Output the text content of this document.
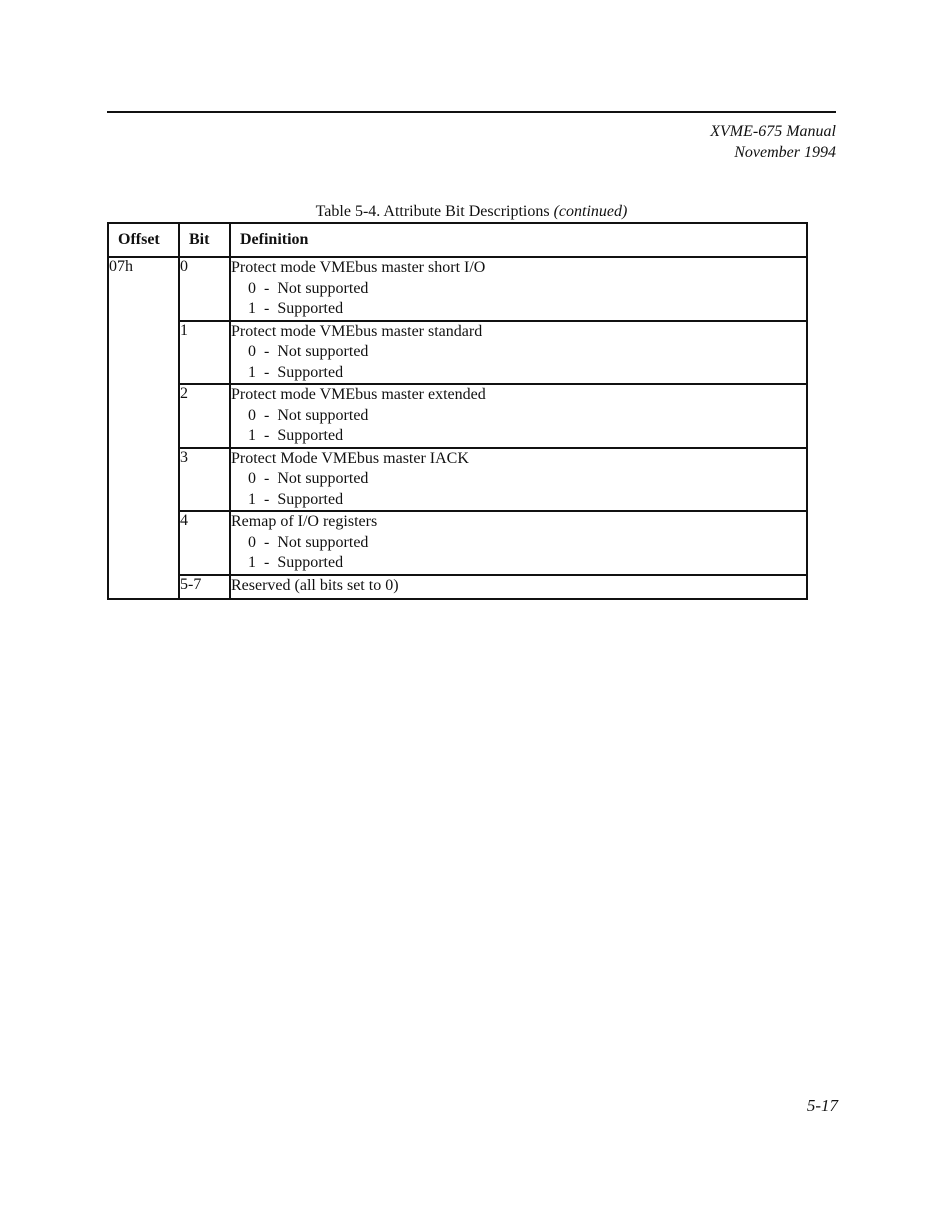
XVME-675 Manual
November 1994
Table 5-4. Attribute Bit Descriptions (continued)
Offset	Bit	Definition
07h	0	Protect mode VMEbus master short I/O
0  -  Not supported
1  -  Supported

	1	Protect mode VMEbus master standard
0  -  Not supported
1  -  Supported

	2	Protect mode VMEbus master extended
0  -  Not supported
1  -  Supported

	3	Protect Mode VMEbus master IACK
0  -  Not supported
1  -  Supported

	4	Remap of I/O registers
0  -  Not supported
1  -  Supported

	5-7	Reserved (all bits set to 0)
5-17
